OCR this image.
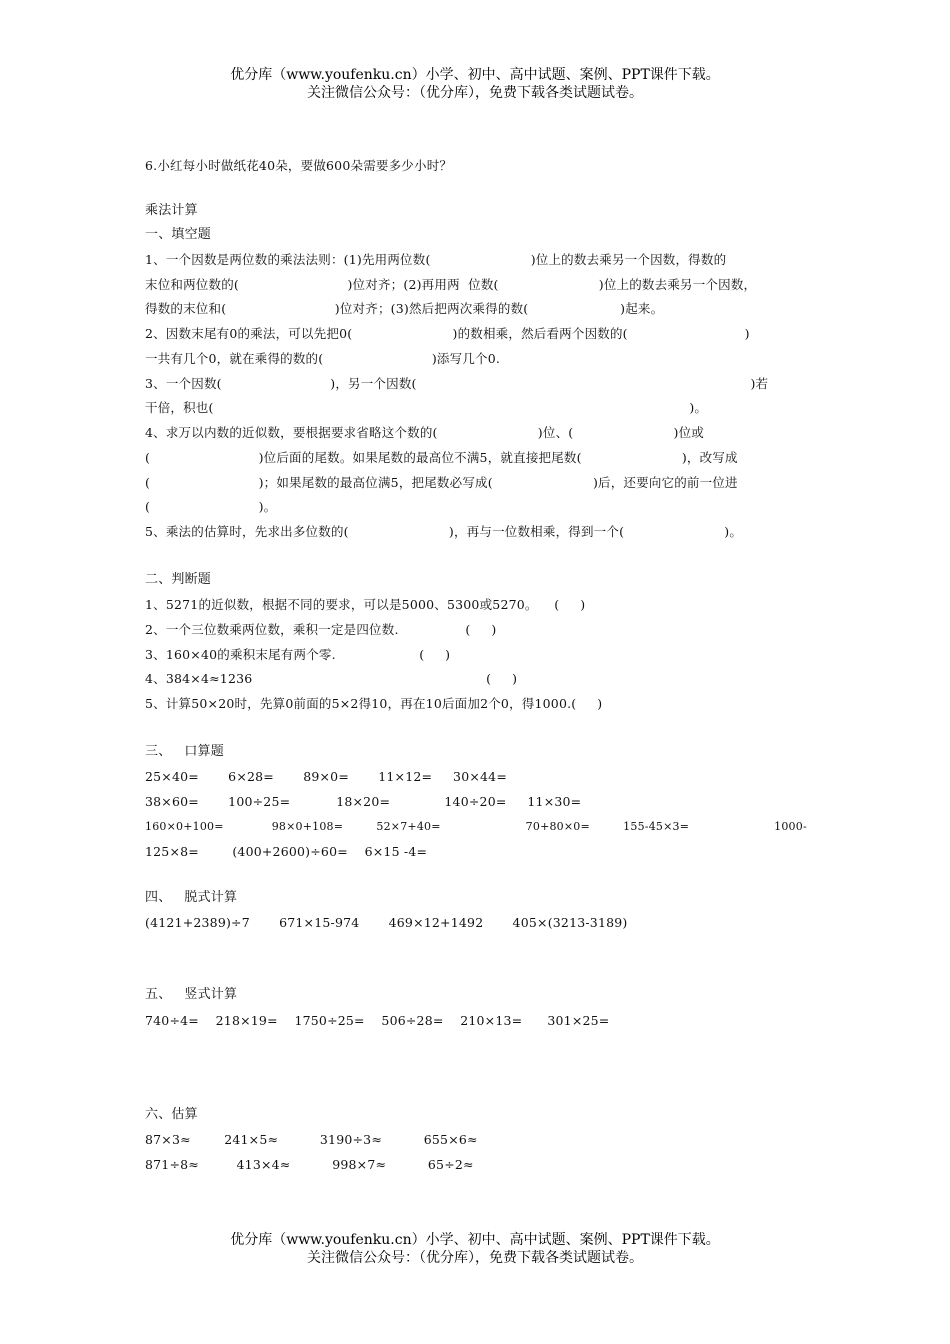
优分库（www.youfenku.cn）小学、初中、高中试题、案例、PPT课件下载。
关注微信公众号：（优分库），免费下载各类试题试卷。
6.小红每小时做纸花40朵，要做600朵需要多少小时？
乘法计算
一、填空题
1、一个因数是两位数的乘法法则：(1)先用两位数(                        )位上的数去乘另一个因数，得数的
末位和两位数的(                          )位对齐；(2)再用两  位数(                        )位上的数去乘另一个因数，
得数的末位和(                          )位对齐；(3)然后把两次乘得的数(                      )起来。
2、因数末尾有0的乘法，可以先把0(                        )的数相乘，然后看两个因数的(                            )
一共有几个0，就在乘得的数的(                          )添写几个0.
3、一个因数(                          )，另一个因数(                                                                                )若
干倍，积也(                                                                                                                  )。
4、求万以内数的近似数，要根据要求省略这个数的(                        )位、(                        )位或
(                          )位后面的尾数。如果尾数的最高位不满5，就直接把尾数(                        )，改写成
(                          )；如果尾数的最高位满5，把尾数必写成(                        )后，还要向它的前一位进
(                          )。
5、乘法的估算时，先求出多位数的(                        )，再与一位数相乘，得到一个(                        )。
二、判断题
1、5271的近似数，根据不同的要求，可以是5000、5300或5270。    (     )
2、一个三位数乘两位数，乘积一定是四位数.                (     )
3、160×40的乘积末尾有两个零.                    (     )
4、384×4≈1236                                                        (     )
5、计算50×20时，先算0前面的5×2得10，再在10后面加2个0，得1000.(     )
三、   口算题
25×40=       6×28=       89×0=       11×12=     30×44=
38×60=       100÷25=           18×20=             140÷20=     11×30=
160×0+100=             98×0+108=         52×7+40=                       70+80×0=         155-45×3=                       1000-
125×8=        (400+2600)÷60=    6×15 -4=
四、   脱式计算
(4121+2389)÷7       671×15-974       469×12+1492       405×(3213-3189)
五、   竖式计算
740÷4=    218×19=    1750÷25=    506÷28=    210×13=      301×25=
六、估算
87×3≈        241×5≈          3190÷3≈          655×6≈
871÷8≈         413×4≈          998×7≈          65÷2≈
优分库（www.youfenku.cn）小学、初中、高中试题、案例、PPT课件下载。
关注微信公众号：（优分库），免费下载各类试题试卷。
